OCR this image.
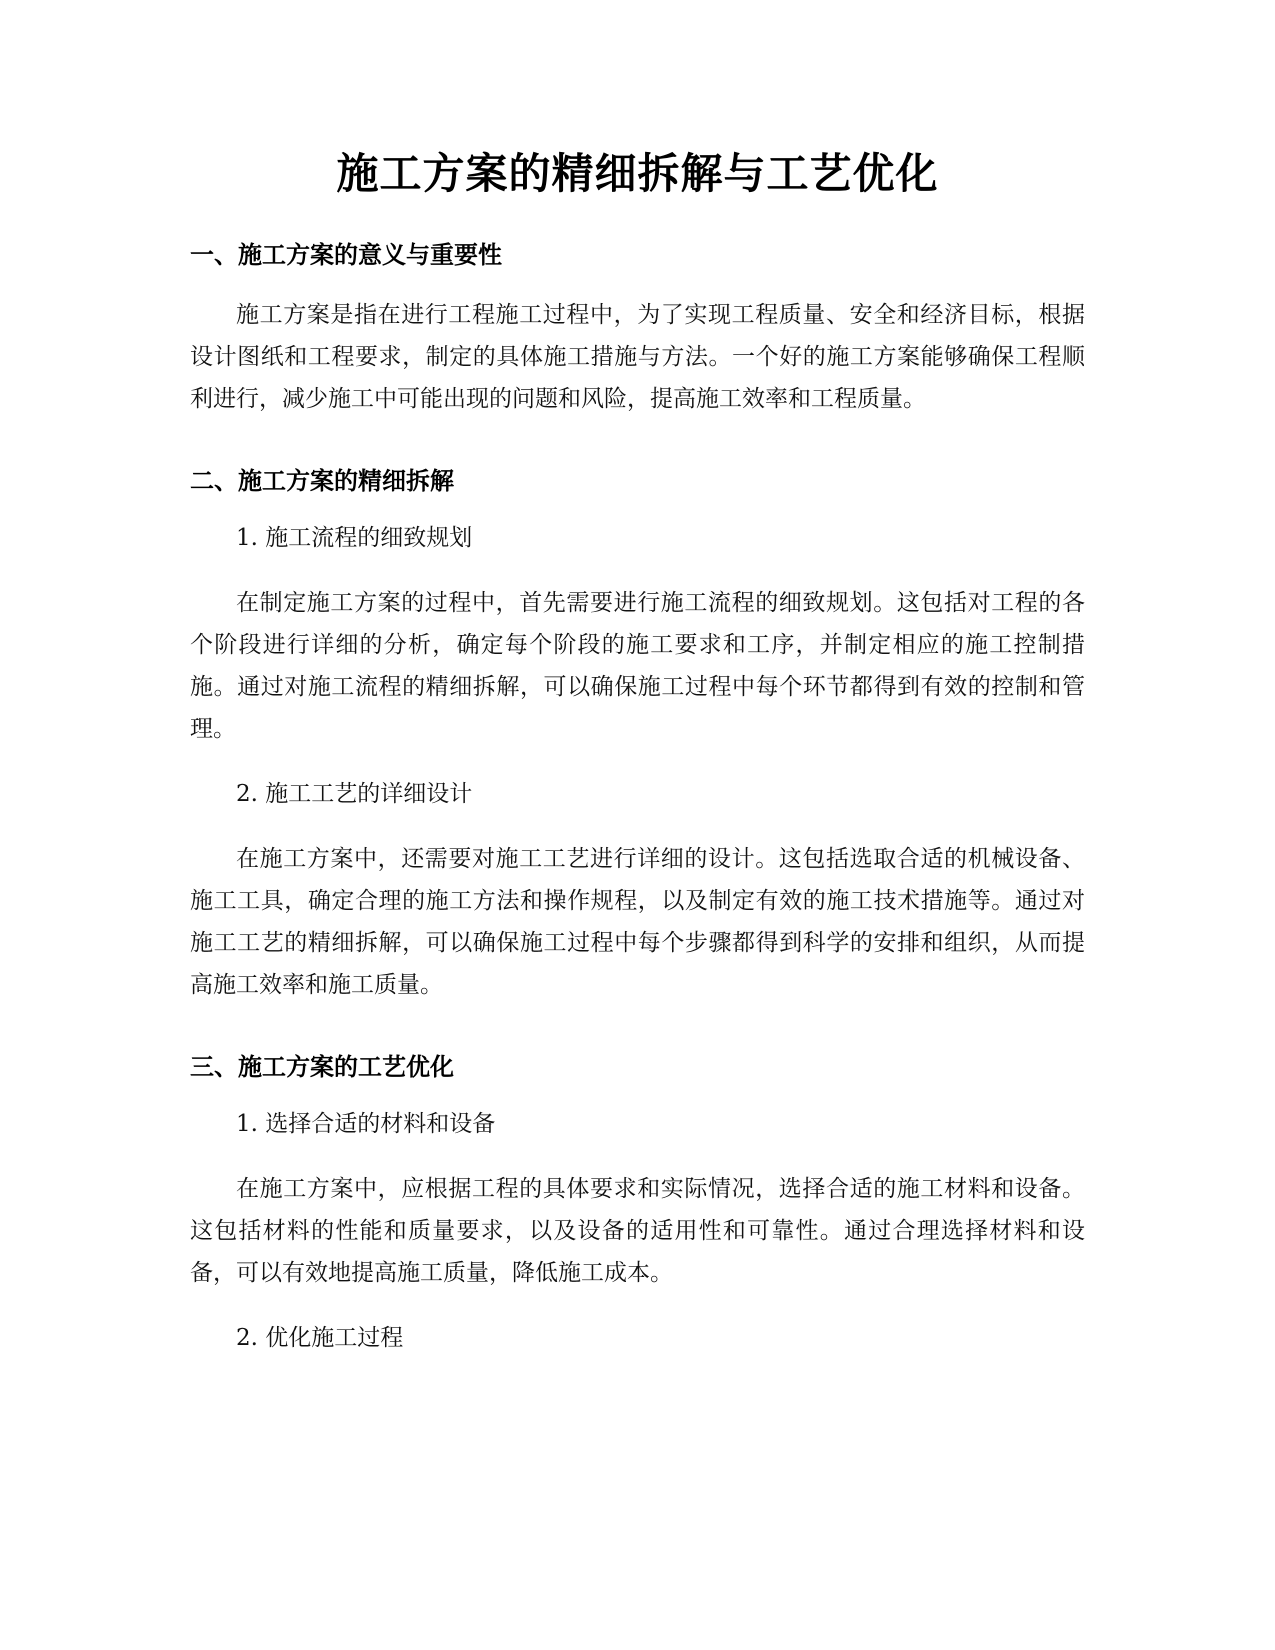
施工方案的精细拆解与工艺优化
一、施工方案的意义与重要性

施工方案是指在进行工程施工过程中，为了实现工程质量、安全和经济目标，根据设计图纸和工程要求，制定的具体施工措施与方法。一个好的施工方案能够确保工程顺利进行，减少施工中可能出现的问题和风险，提高施工效率和工程质量。

二、施工方案的精细拆解

1. 施工流程的细致规划

在制定施工方案的过程中，首先需要进行施工流程的细致规划。这包括对工程的各个阶段进行详细的分析，确定每个阶段的施工要求和工序，并制定相应的施工控制措施。通过对施工流程的精细拆解，可以确保施工过程中每个环节都得到有效的控制和管理。

2. 施工工艺的详细设计

在施工方案中，还需要对施工工艺进行详细的设计。这包括选取合适的机械设备、施工工具，确定合理的施工方法和操作规程，以及制定有效的施工技术措施等。通过对施工工艺的精细拆解，可以确保施工过程中每个步骤都得到科学的安排和组织，从而提高施工效率和施工质量。

三、施工方案的工艺优化

1. 选择合适的材料和设备

在施工方案中，应根据工程的具体要求和实际情况，选择合适的施工材料和设备。这包括材料的性能和质量要求，以及设备的适用性和可靠性。通过合理选择材料和设备，可以有效地提高施工质量，降低施工成本。

2. 优化施工过程
